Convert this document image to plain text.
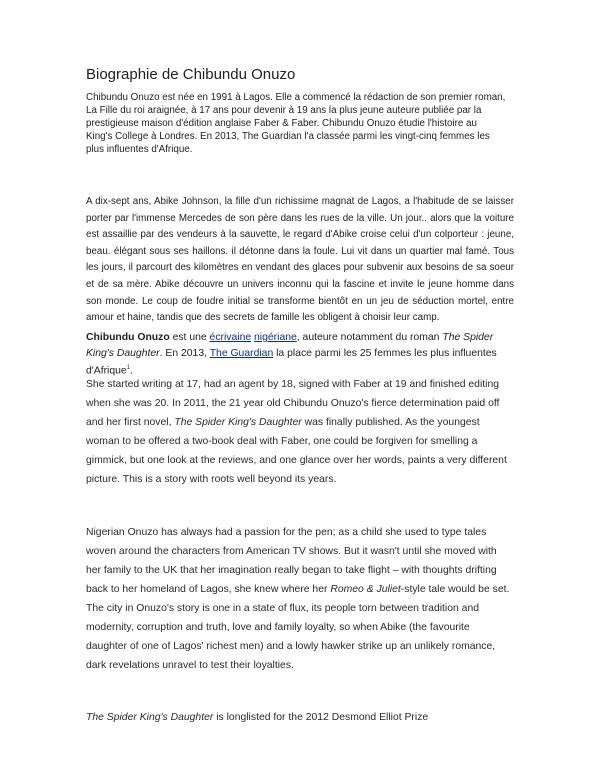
Biographie de Chibundu Onuzo

Chibundu Onuzo est née en 1991 à Lagos. Elle a commencé la rédaction de son premier roman, La Fille du roi araignée, à 17 ans pour devenir à 19 ans la plus jeune auteure publiée par la prestigieuse maison d'édition anglaise Faber & Faber. Chibundu Onuzo étudie l'histoire au King's College à Londres. En 2013, The Guardian l'a classée parmi les vingt-cinq femmes les plus influentes d'Afrique.

A dix-sept ans, Abike Johnson, la fille d'un richissime magnat de Lagos, a l'habitude de se laisser porter par l'immense Mercedes de son père dans les rues de la ville. Un jour.. alors que la voiture est assaillie par des vendeurs à la sauvette, le regard d'Abike croise celui d'un colporteur : jeune, beau. élégant sous ses haillons. il détonne dans la foule. Lui vit dans un quartier mal famé. Tous les jours, il parcourt des kilomètres en vendant des glaces pour subvenir aux besoins de sa soeur et de sa mère. Abike découvre un univers inconnu qui la fascine et invite le jeune homme dans son monde. Le coup de foudre initial se transforme bientôt en un jeu de séduction mortel, entre amour et haine, tandis que des secrets de famille les obligent à choisir leur camp.

Chibundu Onuzo est une écrivaine nigériane, auteure notamment du roman The Spider King's Daughter. En 2013, The Guardian la place parmi les 25 femmes les plus influentes d'Afrique$^1$.

She started writing at 17, had an agent by 18, signed with Faber at 19 and finished editing when she was 20. In 2011, the 21 year old Chibundu Onuzo's fierce determination paid off and her first novel, The Spider King's Daughter was finally published. As the youngest woman to be offered a two-book deal with Faber, one could be forgiven for smelling a gimmick, but one look at the reviews, and one glance over her words, paints a very different picture. This is a story with roots well beyond its years.

Nigerian Onuzo has always had a passion for the pen; as a child she used to type tales woven around the characters from American TV shows. But it wasn't until she moved with her family to the UK that her imagination really began to take flight – with thoughts drifting back to her homeland of Lagos, she knew where her Romeo & Juliet-style tale would be set. The city in Onuzo's story is one in a state of flux, its people torn between tradition and modernity, corruption and truth, love and family loyalty, so when Abike (the favourite daughter of one of Lagos' richest men) and a lowly hawker strike up an unlikely romance, dark revelations unravel to test their loyalties.

The Spider King's Daughter is longlisted for the 2012 Desmond Elliot Prize
